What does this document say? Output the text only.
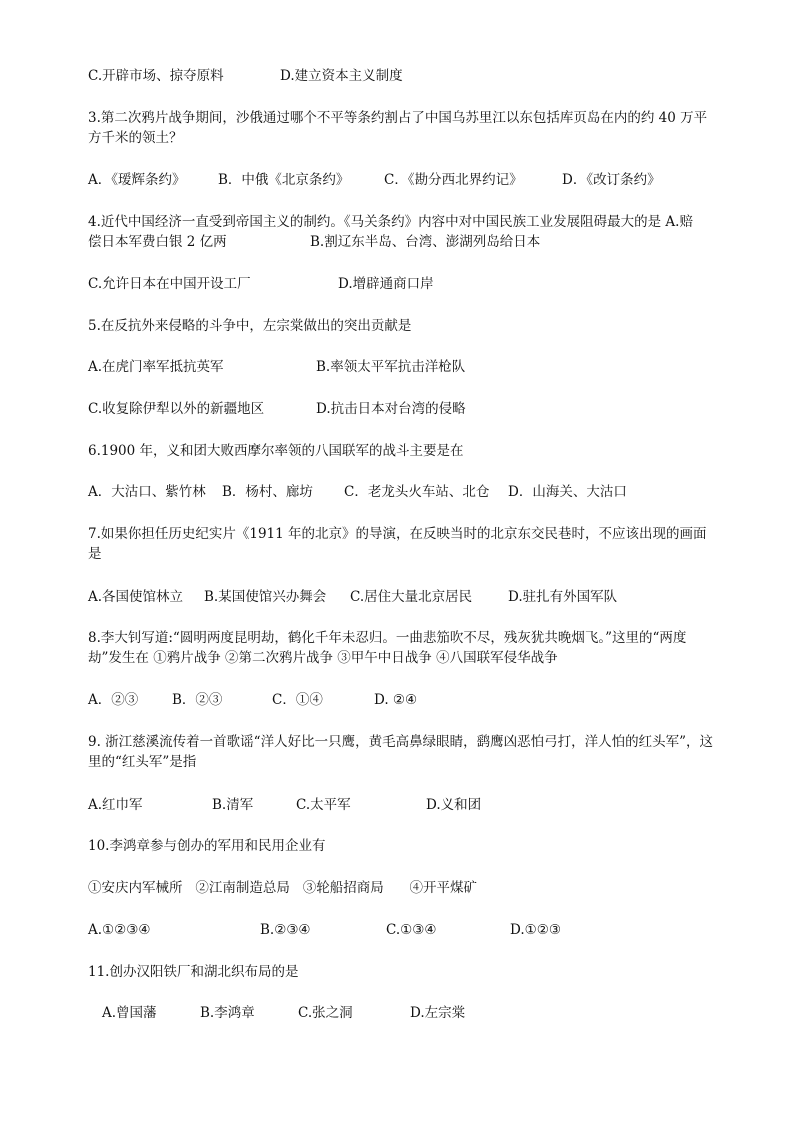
C.开辟市场、掠夺原料	D.建立资本主义制度
3.第二次鸦片战争期间，沙俄通过哪个不平等条约割占了中国乌苏里江以东包括库页岛在内的约 40 万平方千米的领土？
A．《瑷辉条约》 B．中俄《北京条约》	C．《勘分西北界约记》	D．《改订条约》
4.近代中国经济一直受到帝国主义的制约。《马关条约》内容中对中国民族工业发展阻碍最大的是 A.赔
偿日本军费白银 2 亿两	B.割辽东半岛、台湾、澎湖列岛给日本
C.允许日本在中国开设工厂	D.增辟通商口岸
5.在反抗外来侵略的斗争中，左宗棠做出的突出贡献是
A.在虎门率军抵抗英军	B.率领太平军抗击洋枪队
C.收复除伊犁以外的新疆地区	D.抗击日本对台湾的侵略
6.1900 年，义和团大败西摩尔率领的八国联军的战斗主要是在
A．大沽口、紫竹林 B．杨村、廊坊 C．老龙头火车站、北仓 D．山海关、大沽口
7.如果你担任历史纪实片《1911 年的北京》的导演，在反映当时的北京东交民巷时，不应该出现的画面是
A.各国使馆林立 B.某国使馆兴办舞会 C.居住大量北京居民	D.驻扎有外国军队
8.李大钊写道:“圆明两度昆明劫，鹤化千年未忍归。一曲悲笳吹不尽，残灰犹共晚烟飞。”这里的“两度劫”发生在 ①鸦片战争 ②第二次鸦片战争 ③甲午中日战争 ④八国联军侵华战争
A．②③	B．②③	C．①④	D. ②④
9. 浙江慈溪流传着一首歌谣“洋人好比一只鹰，黄毛高鼻绿眼睛，鹞鹰凶恶怕弓打，洋人怕的红头军”，这里的“红头军”是指
A.红巾军	B.清军	C.太平军	D.义和团
10.李鸿章参与创办的军用和民用企业有
①安庆内军械所   ②江南制造总局   ③轮船招商局      ④开平煤矿
A.①②③④	B.②③④	C.①③④	D.①②③
11.创办汉阳铁厂和湖北织布局的是
A.曾国藩	B.李鸿章	C.张之洞	D.左宗棠
